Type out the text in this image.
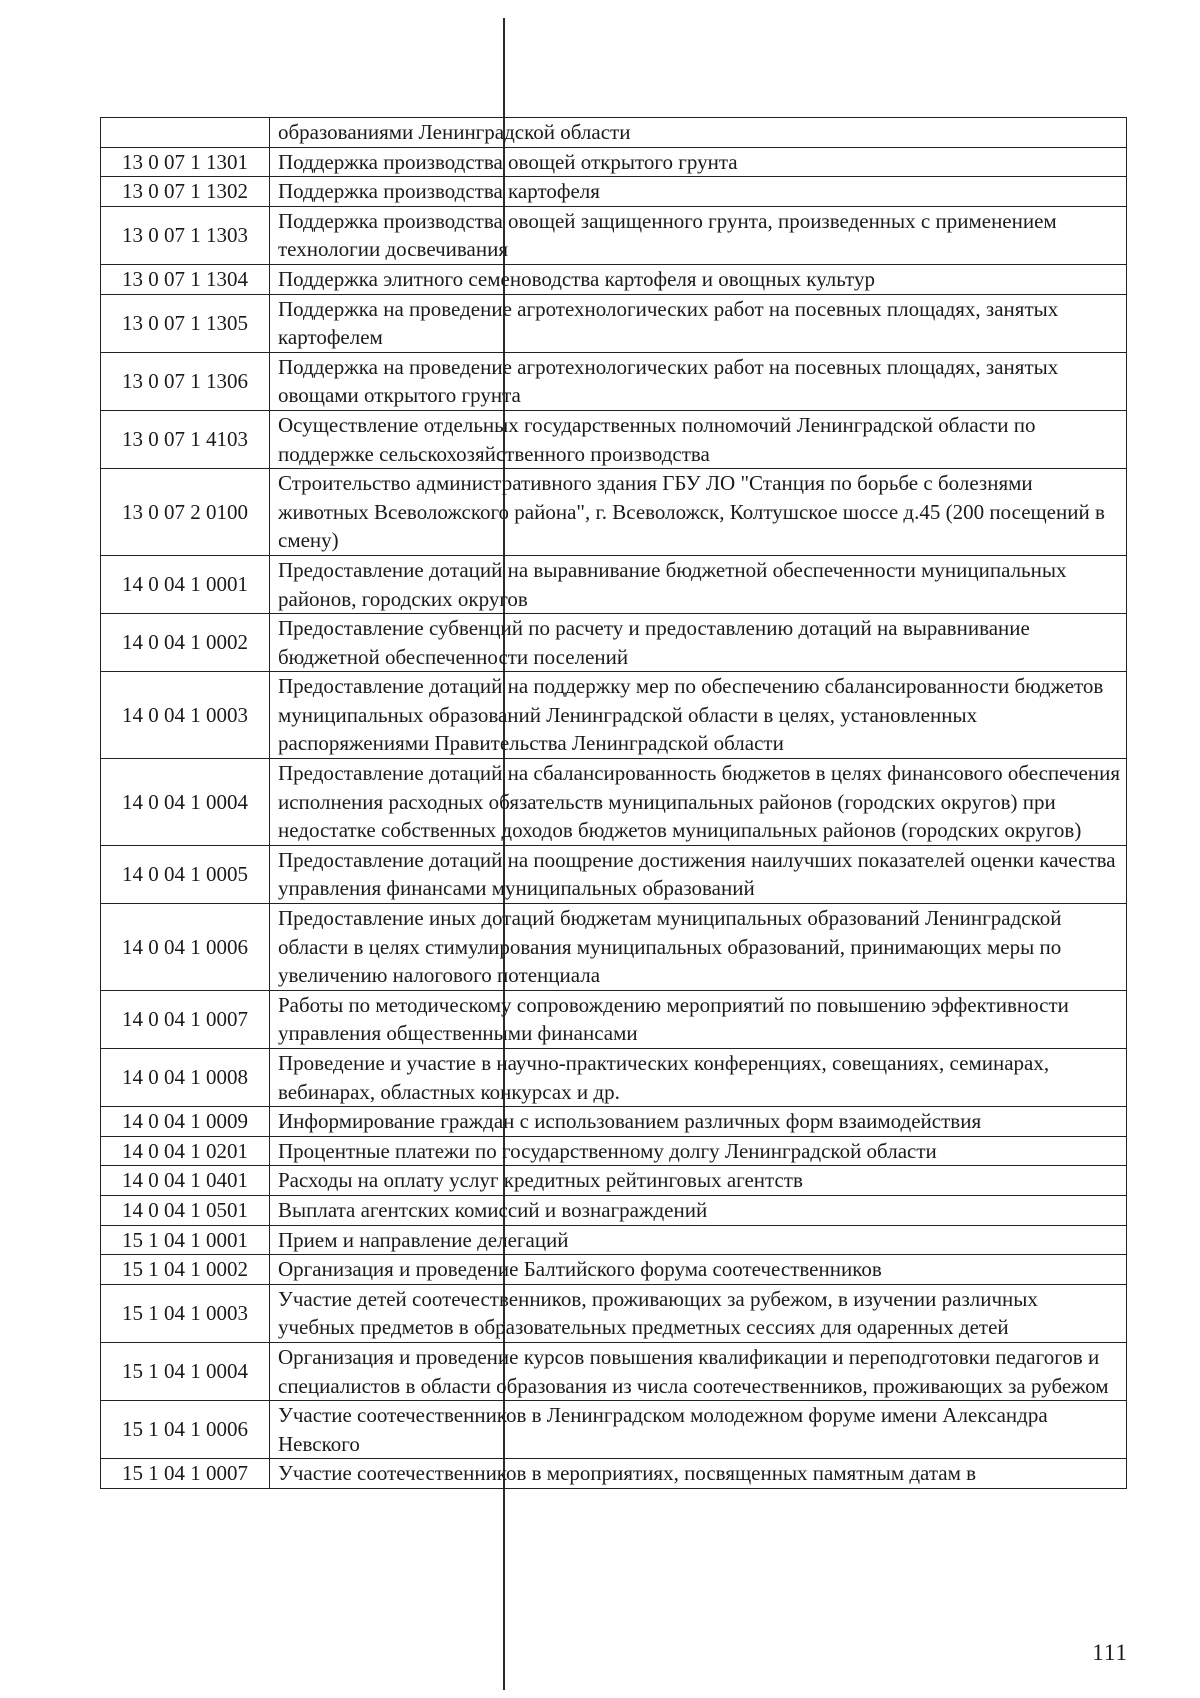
	образованиями Ленинградской области
13 0 07 1 1301	Поддержка производства овощей открытого грунта
13 0 07 1 1302	Поддержка производства картофеля
13 0 07 1 1303	Поддержка производства овощей защищенного грунта, произведенных с применением технологии досвечивания
13 0 07 1 1304	Поддержка элитного семеноводства картофеля и овощных культур
13 0 07 1 1305	Поддержка на проведение агротехнологических работ на посевных площадях, занятых картофелем
13 0 07 1 1306	Поддержка на проведение агротехнологических работ на посевных площадях, занятых овощами открытого грунта
13 0 07 1 4103	Осуществление отдельных государственных полномочий Ленинградской области по поддержке сельскохозяйственного производства
13 0 07 2 0100	Строительство административного здания ГБУ ЛО "Станция по борьбе с болезнями животных Всеволожского района", г. Всеволожск, Колтушское шоссе д.45 (200 посещений в смену)
14 0 04 1 0001	Предоставление дотаций на выравнивание бюджетной обеспеченности муниципальных районов, городских округов
14 0 04 1 0002	Предоставление субвенций по расчету и предоставлению дотаций на выравнивание бюджетной обеспеченности поселений
14 0 04 1 0003	Предоставление дотаций на поддержку мер по обеспечению сбалансированности бюджетов муниципальных образований Ленинградской области в целях, установленных распоряжениями Правительства Ленинградской области
14 0 04 1 0004	Предоставление дотаций на сбалансированность бюджетов в целях финансового обеспечения исполнения расходных обязательств муниципальных районов (городских округов) при недостатке собственных доходов бюджетов муниципальных районов (городских округов)
14 0 04 1 0005	Предоставление дотаций на поощрение достижения наилучших показателей оценки качества управления финансами муниципальных образований
14 0 04 1 0006	Предоставление иных дотаций бюджетам муниципальных образований Ленинградской области в целях стимулирования муниципальных образований, принимающих меры по увеличению налогового потенциала
14 0 04 1 0007	Работы по методическому сопровождению мероприятий по повышению эффективности управления общественными финансами
14 0 04 1 0008	Проведение и участие в научно-практических конференциях, совещаниях, семинарах, вебинарах, областных конкурсах и др.
14 0 04 1 0009	Информирование граждан с использованием различных форм взаимодействия
14 0 04 1 0201	Процентные платежи по государственному долгу Ленинградской области
14 0 04 1 0401	Расходы на оплату услуг кредитных рейтинговых агентств
14 0 04 1 0501	Выплата агентских комиссий и вознаграждений
15 1 04 1 0001	Прием и направление делегаций
15 1 04 1 0002	Организация и проведение Балтийского форума соотечественников
15 1 04 1 0003	Участие детей соотечественников, проживающих за рубежом, в изучении различных учебных предметов в образовательных предметных сессиях для одаренных детей
15 1 04 1 0004	Организация и проведение курсов повышения квалификации и переподготовки педагогов и специалистов в области образования из числа соотечественников, проживающих за рубежом
15 1 04 1 0006	Участие соотечественников в Ленинградском молодежном форуме имени Александра Невского
15 1 04 1 0007	Участие соотечественников в мероприятиях, посвященных памятным датам в
111
